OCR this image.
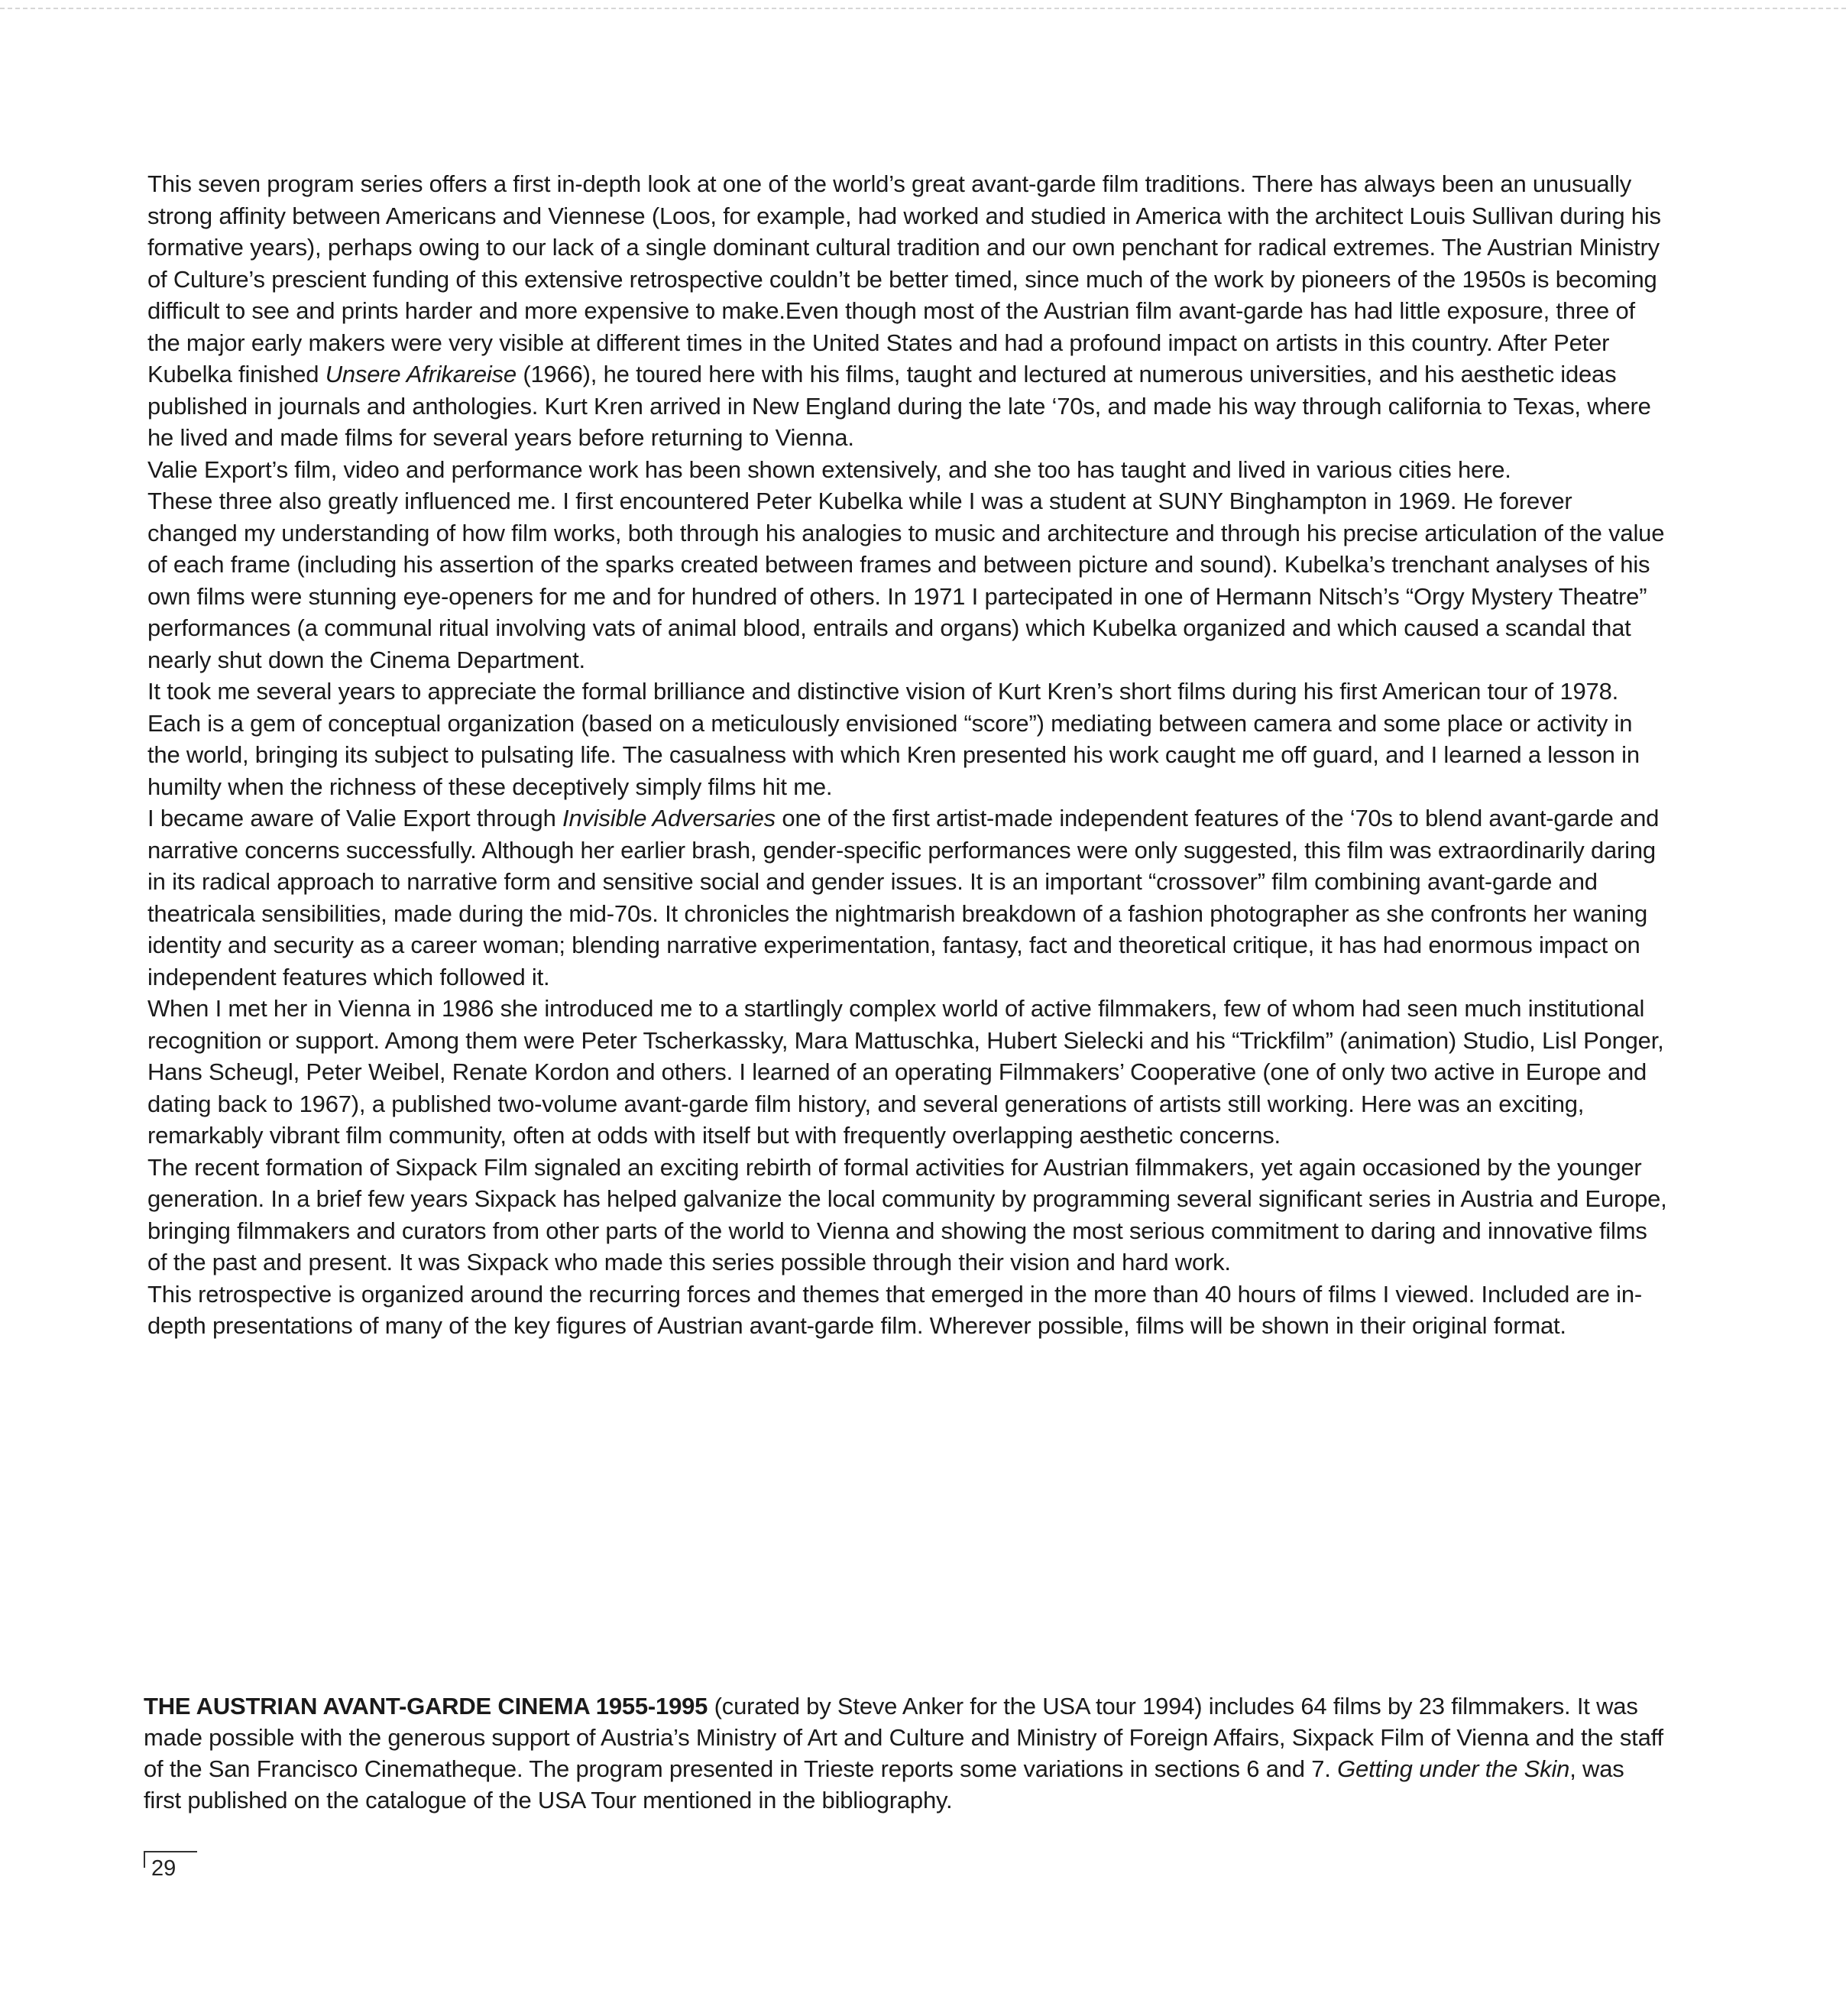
This seven program series offers a first in-depth look at one of the world’s great avant-garde film traditions. There has always been an unusually strong affinity between Americans and Viennese (Loos, for example, had worked and studied in America with the architect Louis Sullivan during his formative years), perhaps owing to our lack of a single dominant cultural tradition and our own penchant for radical extremes. The Austrian Ministry of Culture’s prescient funding of this extensive retrospective couldn’t be better timed, since much of the work by pioneers of the 1950s is becoming difficult to see and prints harder and more expensive to make.Even though most of the Austrian film avant-garde has had little exposure, three of the major early makers were very visible at different times in the United States and had a profound impact on artists in this country. After Peter Kubelka finished Unsere Afrikareise (1966), he toured here with his films, taught and lectured at numerous universities, and his aesthetic ideas published in journals and anthologies. Kurt Kren arrived in New England during the late ‘70s, and made his way through california to Texas, where he lived and made films for several years before returning to Vienna.

Valie Export’s film, video and performance work has been shown extensively, and she too has taught and lived in various cities here.

These three also greatly influenced me. I first encountered Peter Kubelka while I was a student at SUNY Binghampton in 1969. He forever changed my understanding of how film works, both through his analogies to music and architecture and through his precise articulation of the value of each frame (including his assertion of the sparks created between frames and between picture and sound). Kubelka’s trenchant analyses of his own films were stunning eye-openers for me and for hundred of others. In 1971 I partecipated in one of Hermann Nitsch’s “Orgy Mystery Theatre” performances (a communal ritual involving vats of animal blood, entrails and organs) which Kubelka organized and which caused a scandal that nearly shut down the Cinema Department.

It took me several years to appreciate the formal brilliance and distinctive vision of Kurt Kren’s short films during his first American tour of 1978. Each is a gem of conceptual organization (based on a meticulously envisioned “score”) mediating between camera and some place or activity in the world, bringing its subject to pulsating life. The casualness with which Kren presented his work caught me off guard, and I learned a lesson in humilty when the richness of these deceptively simply films hit me.

I became aware of Valie Export through Invisible Adversaries one of the first artist-made independent features of the ‘70s to blend avant-garde and narrative concerns successfully. Although her earlier brash, gender-specific performances were only suggested, this film was extraordinarily daring in its radical approach to narrative form and sensitive social and gender issues. It is an important “crossover” film combining avant-garde and theatricala sensibilities, made during the mid-70s. It chronicles the nightmarish breakdown of a fashion photographer as she confronts her waning identity and security as a career woman; blending narrative experimentation, fantasy, fact and theoretical critique, it has had enormous impact on independent features which followed it.

When I met her in Vienna in 1986 she introduced me to a startlingly complex world of active filmmakers, few of whom had seen much institutional recognition or support. Among them were Peter Tscherkassky, Mara Mattuschka, Hubert Sielecki and his “Trickfilm” (animation) Studio, Lisl Ponger, Hans Scheugl, Peter Weibel, Renate Kordon and others. I learned of an operating Filmmakers’ Cooperative (one of only two active in Europe and dating back to 1967), a published two-volume avant-garde film history, and several generations of artists still working. Here was an exciting, remarkably vibrant film community, often at odds with itself but with frequently overlapping aesthetic concerns.

The recent formation of Sixpack Film signaled an exciting rebirth of formal activities for Austrian filmmakers, yet again occasioned by the younger generation. In a brief few years Sixpack has helped galvanize the local community by programming several significant series in Austria and Europe, bringing filmmakers and curators from other parts of the world to Vienna and showing the most serious commitment to daring and innovative films of the past and present. It was Sixpack who made this series possible through their vision and hard work.

This retrospective is organized around the recurring forces and themes that emerged in the more than 40 hours of films I viewed. Included are in-depth presentations of many of the key figures of Austrian avant-garde film. Wherever possible, films will be shown in their original format.

THE AUSTRIAN AVANT-GARDE CINEMA 1955-1995 (curated by Steve Anker for the USA tour 1994) includes 64 films by 23 filmmakers. It was made possible with the generous support of Austria’s Ministry of Art and Culture and Ministry of Foreign Affairs, Sixpack Film of Vienna and the staff of the San Francisco Cinematheque. The program presented in Trieste reports some variations in sections 6 and 7. Getting under the Skin, was first published on the catalogue of the USA Tour mentioned in the bibliography.

29
